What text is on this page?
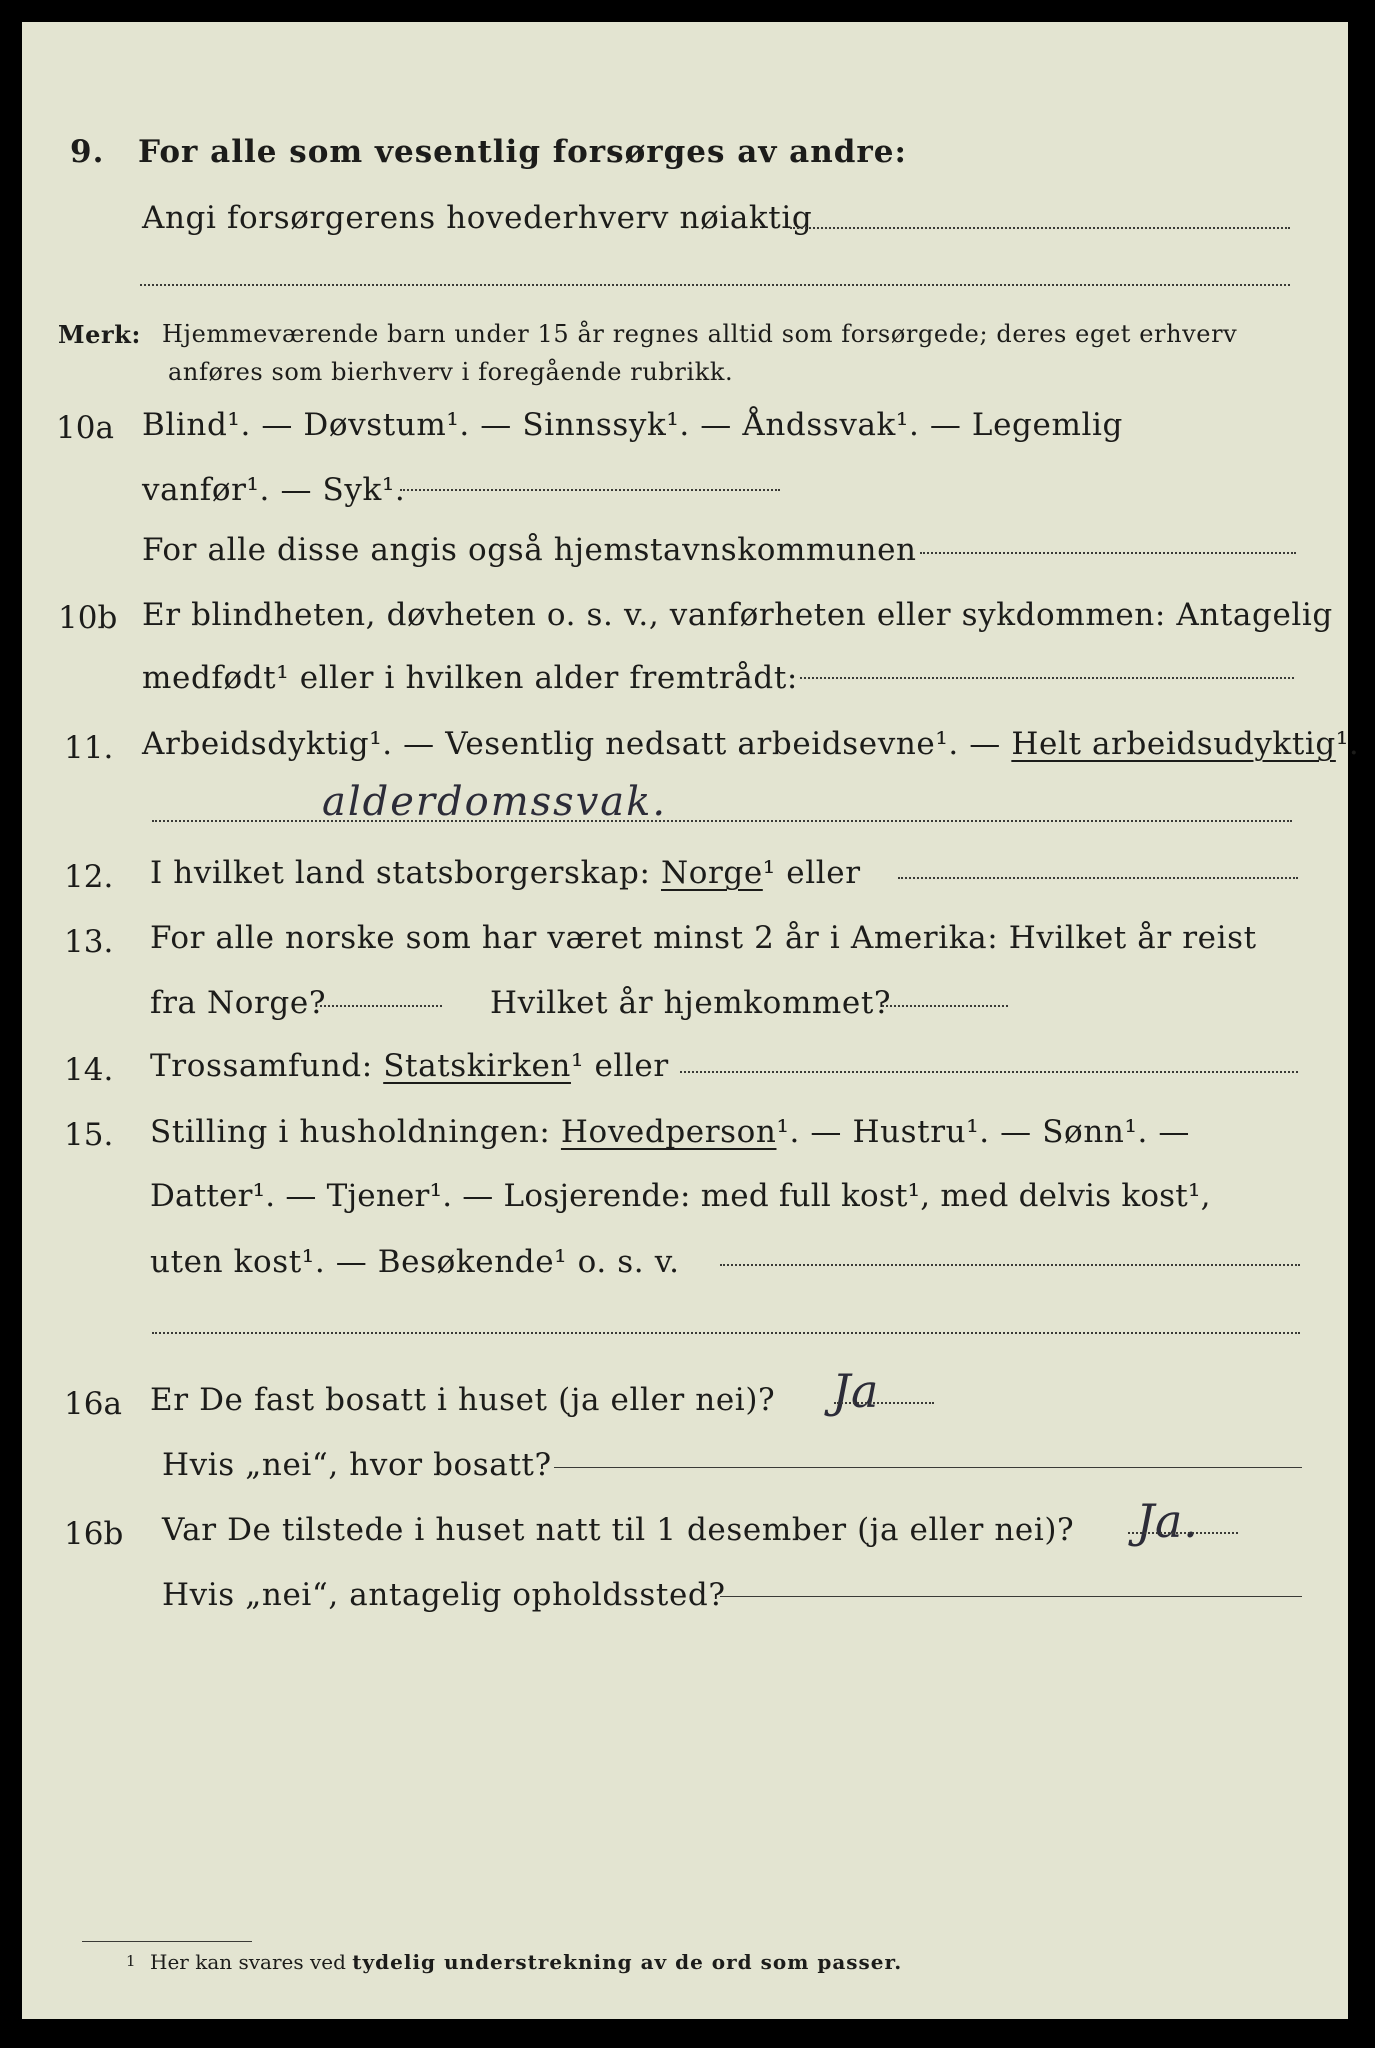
9. For alle som vesentlig forsørges av andre:
Angi forsørgerens hovederhverv nøiaktig
Merk: Hjemmeværende barn under 15 år regnes alltid som forsørgede; deres eget erhverv
anføres som bierhverv i foregående rubrikk.
10a Blind¹. — Døvstum¹. — Sinnssyk¹. — Åndssvak¹. — Legemlig
vanfør¹. — Syk¹.
For alle disse angis også hjemstavnskommunen
10b Er blindheten, døvheten o. s. v., vanførheten eller sykdommen: Antagelig
medfødt¹ eller i hvilken alder fremtrådt:
11. Arbeidsdyktig¹. — Vesentlig nedsatt arbeidsevne¹. — Helt arbeidsudyktig¹.
alderdomssvak.
12. I hvilket land statsborgerskap: Norge¹ eller
13. For alle norske som har været minst 2 år i Amerika: Hvilket år reist
fra Norge?	Hvilket år hjemkommet?
14. Trossamfund: Statskirken¹ eller
15. Stilling i husholdningen: Hovedperson¹. — Hustru¹. — Sønn¹. —
Datter¹. — Tjener¹. — Losjerende: med full kost¹, med delvis kost¹,
uten kost¹. — Besøkende¹ o. s. v.
16a Er De fast bosatt i huset (ja eller nei)? Ja
Hvis „nei“, hvor bosatt?
16b Var De tilstede i huset natt til 1 desember (ja eller nei)? Ja.
Hvis „nei“, antagelig opholdssted?
1 Her kan svares ved tydelig understrekning av de ord som passer.
